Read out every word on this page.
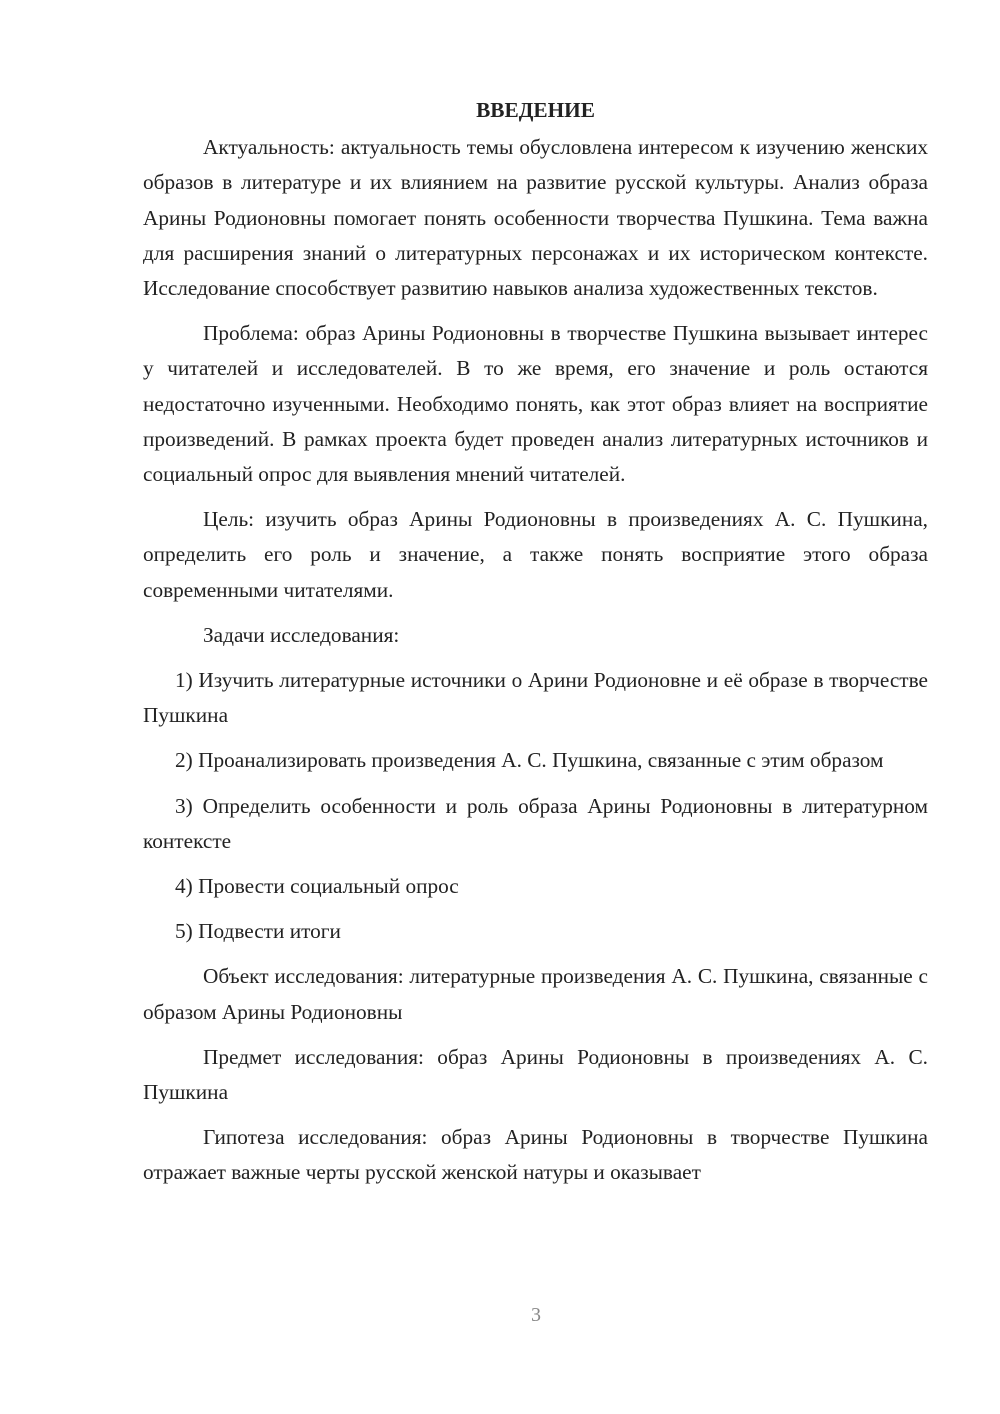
ВВЕДЕНИЕ

Актуальность: актуальность темы обусловлена интересом к изучению женских образов в литературе и их влиянием на развитие русской культуры. Анализ образа Арины Родионовны помогает понять особенности творчества Пушкина. Тема важна для расширения знаний о литературных персонажах и их историческом контексте. Исследование способствует развитию навыков анализа художественных текстов.

Проблема: образ Арины Родионовны в творчестве Пушкина вызывает интерес у читателей и исследователей. В то же время, его значение и роль остаются недостаточно изученными. Необходимо понять, как этот образ влияет на восприятие произведений. В рамках проекта будет проведен анализ литературных источников и социальный опрос для выявления мнений читателей.

Цель: изучить образ Арины Родионовны в произведениях А. С. Пушкина, определить его роль и значение, а также понять восприятие этого образа современными читателями.

Задачи исследования:

1) Изучить литературные источники о Арини Родионовне и её образе в творчестве Пушкина

2) Проанализировать произведения А. С. Пушкина, связанные с этим образом

3) Определить особенности и роль образа Арины Родионовны в литературном контексте

4) Провести социальный опрос

5) Подвести итоги

Объект исследования: литературные произведения А. С. Пушкина, связанные с образом Арины Родионовны

Предмет исследования: образ Арины Родионовны в произведениях А. С. Пушкина

Гипотеза исследования: образ Арины Родионовны в творчестве Пушкина отражает важные черты русской женской натуры и оказывает

3
